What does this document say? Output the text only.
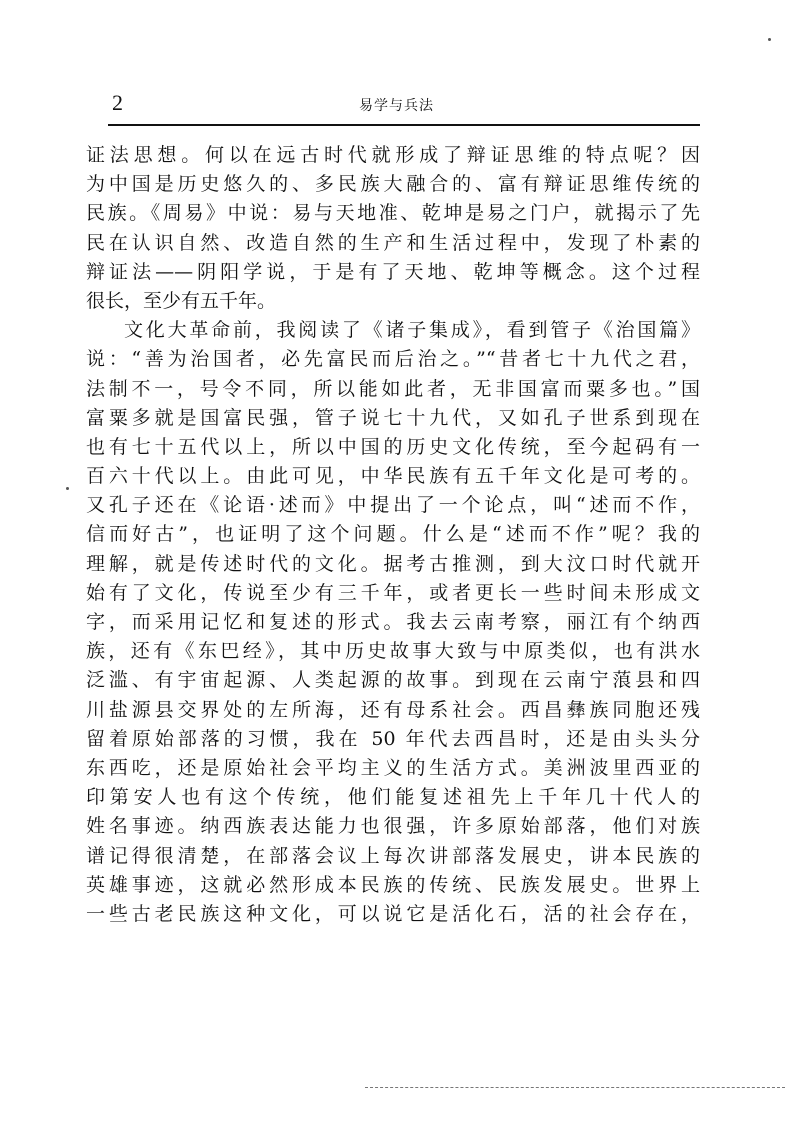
2	易学与兵法
证法思想。何以在远古时代就形成了辩证思维的特点呢？因
为中国是历史悠久的、多民族大融合的、富有辩证思维传统的
民族。《周易》中说：易与天地准、乾坤是易之门户，就揭示了先
民在认识自然、改造自然的生产和生活过程中，发现了朴素的
辩证法——阴阳学说，于是有了天地、乾坤等概念。这个过程
很长，至少有五千年。
文化大革命前，我阅读了《诸子集成》，看到管子《治国篇》
说：“善为治国者，必先富民而后治之。”“昔者七十九代之君，
法制不一，号令不同，所以能如此者，无非国富而粟多也。”国
富粟多就是国富民强，管子说七十九代，又如孔子世系到现在
也有七十五代以上，所以中国的历史文化传统，至今起码有一
百六十代以上。由此可见，中华民族有五千年文化是可考的。
又孔子还在《论语·述而》中提出了一个论点，叫“述而不作，
信而好古”，也证明了这个问题。什么是“述而不作”呢？我的
理解，就是传述时代的文化。据考古推测，到大汶口时代就开
始有了文化，传说至少有三千年，或者更长一些时间未形成文
字，而采用记忆和复述的形式。我去云南考察，丽江有个纳西
族，还有《东巴经》，其中历史故事大致与中原类似，也有洪水
泛滥、有宇宙起源、人类起源的故事。到现在云南宁蒗县和四
川盐源县交界处的左所海，还有母系社会。西昌彝族同胞还残
留着原始部落的习惯，我在 50 年代去西昌时，还是由头头分
东西吃，还是原始社会平均主义的生活方式。美洲波里西亚的
印第安人也有这个传统，他们能复述祖先上千年几十代人的
姓名事迹。纳西族表达能力也很强，许多原始部落，他们对族
谱记得很清楚，在部落会议上每次讲部落发展史，讲本民族的
英雄事迹，这就必然形成本民族的传统、民族发展史。世界上
一些古老民族这种文化，可以说它是活化石，活的社会存在，
